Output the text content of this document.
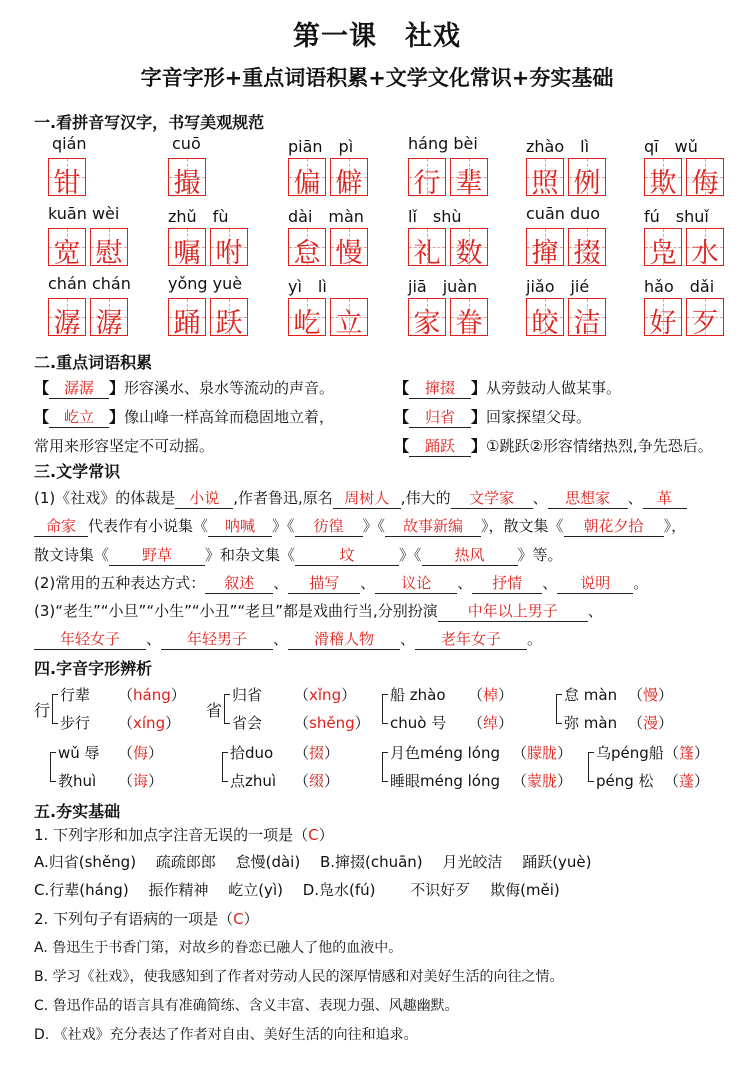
第一课　社戏
字音字形+重点词语积累+文学文化常识+夯实基础
一.看拼音写汉字，书写美观规范
qián
钳
cuō
撮
piān　pì
偏 僻
háng bèi
行 辈
zhào　lì
照 例
qī　wǔ
欺 侮
kuān wèi
宽 慰
zhǔ　fù
嘱 咐
dài　màn
怠 慢
lǐ　shù
礼 数
cuān duo
撺 掇
fú　shuǐ
凫 水
chán chán
潺 潺
yǒng yuè
踊 跃
yì　lì
屹 立
jiā　juàn
家 眷
jiǎo　jié
皎 洁
hǎo　dǎi
好 歹
二.重点词语积累
【 潺潺 】形容溪水、泉水等流动的声音。	【 撺掇 】从旁鼓动人做某事。
【 屹立 】像山峰一样高耸而稳固地立着，	【 归省 】回家探望父母。
常用来形容坚定不可动摇。	【 踊跃 】①跳跃②形容情绪热烈,争先恐后。
三.文学常识
(1)《社戏》的体裁是 小说 ,作者鲁迅,原名 周树人 ,伟大的 文学家 、 思想家 、 革
命家 代表作有小说集《 呐喊 》《 彷徨 》《 故事新编 》，散文集《 朝花夕拾 》，
散文诗集《 野草 》和杂文集《	坟	》《 热风 》等。
(2)常用的五种表达方式： 叙述 、 描写 、 议论 、 抒情 、 说明 。
(3)“老生”“小旦”“小生”“小丑”“老旦”都是戏曲行当,分别扮演 中年以上男子 、
年轻女子 、 年轻男子 、 滑稽人物 、 老年女子 。
四.字音字形辨析
行
行辈 （háng）
步行 （xíng）
省
归省 （xǐng）
省会 （shěng）
船 zhào （棹）
chuò 号 （绰）
怠 màn （慢）
弥 màn （漫）
wǔ 辱 （侮）
教huì （诲）
拾duo （掇）
点zhuì （缀）
月色méng lóng （朦胧）
睡眼méng lóng （蒙胧）
乌péng船 （篷）
péng 松 （蓬）
五.夯实基础
1. 下列字形和加点字注音无误的一项是（C）
A.归省(shěng)　 疏疏郎郎　 怠慢(dài)　 B.撺掇(chuān)　 月光皎洁　 踊跃(yuè)
C.行辈(háng)　 振作精神　 屹立(yì)　 D.凫水(fú)　　 不识好歹　 欺侮(měi)
2. 下列句子有语病的一项是（C）
A. 鲁迅生于书香门第，对故乡的眷恋已融人了他的血液中。
B. 学习《社戏》，使我感知到了作者对劳动人民的深厚情感和对美好生活的向往之情。
C. 鲁迅作品的语言具有准确简练、含义丰富、表现力强、风趣幽默。
D. 《社戏》充分表达了作者对自由、美好生活的向往和追求。
